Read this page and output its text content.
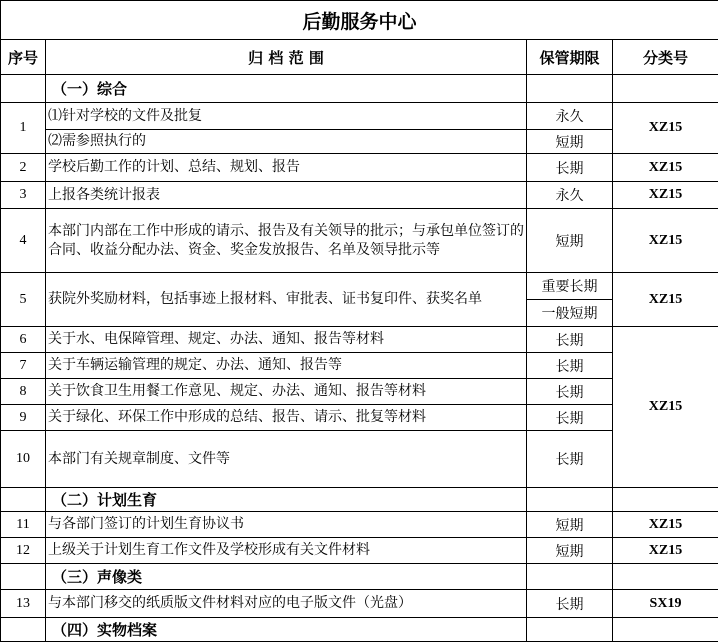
后勤服务中心			
序号	归 档 范 围	保管期限	分类号
	（一）综合		
1	⑴针对学校的文件及批复	永久	XZ15
	⑵需参照执行的	短期	
2	学校后勤工作的计划、总结、规划、报告	长期	XZ15
3	上报各类统计报表	永久	XZ15
4	本部门内部在工作中形成的请示、报告及有关领导的批示；与承包单位签订的合同、收益分配办法、资金、奖金发放报告、名单及领导批示等	短期	XZ15
5	获院外奖励材料，包括事迹上报材料、审批表、证书复印件、获奖名单	重要长期	XZ15
		一般短期	
6	关于水、电保障管理、规定、办法、通知、报告等材料	长期	XZ15
7	关于车辆运输管理的规定、办法、通知、报告等	长期	
8	关于饮食卫生用餐工作意见、规定、办法、通知、报告等材料	长期	
9	关于绿化、环保工作中形成的总结、报告、请示、批复等材料	长期	
10	本部门有关规章制度、文件等	长期	
	（二）计划生育		
11	与各部门签订的计划生育协议书	短期	XZ15
12	上级关于计划生育工作文件及学校形成有关文件材料	短期	XZ15
	（三）声像类		
13	与本部门移交的纸质版文件材料对应的电子版文件（光盘）	长期	SX19
	（四）实物档案		
